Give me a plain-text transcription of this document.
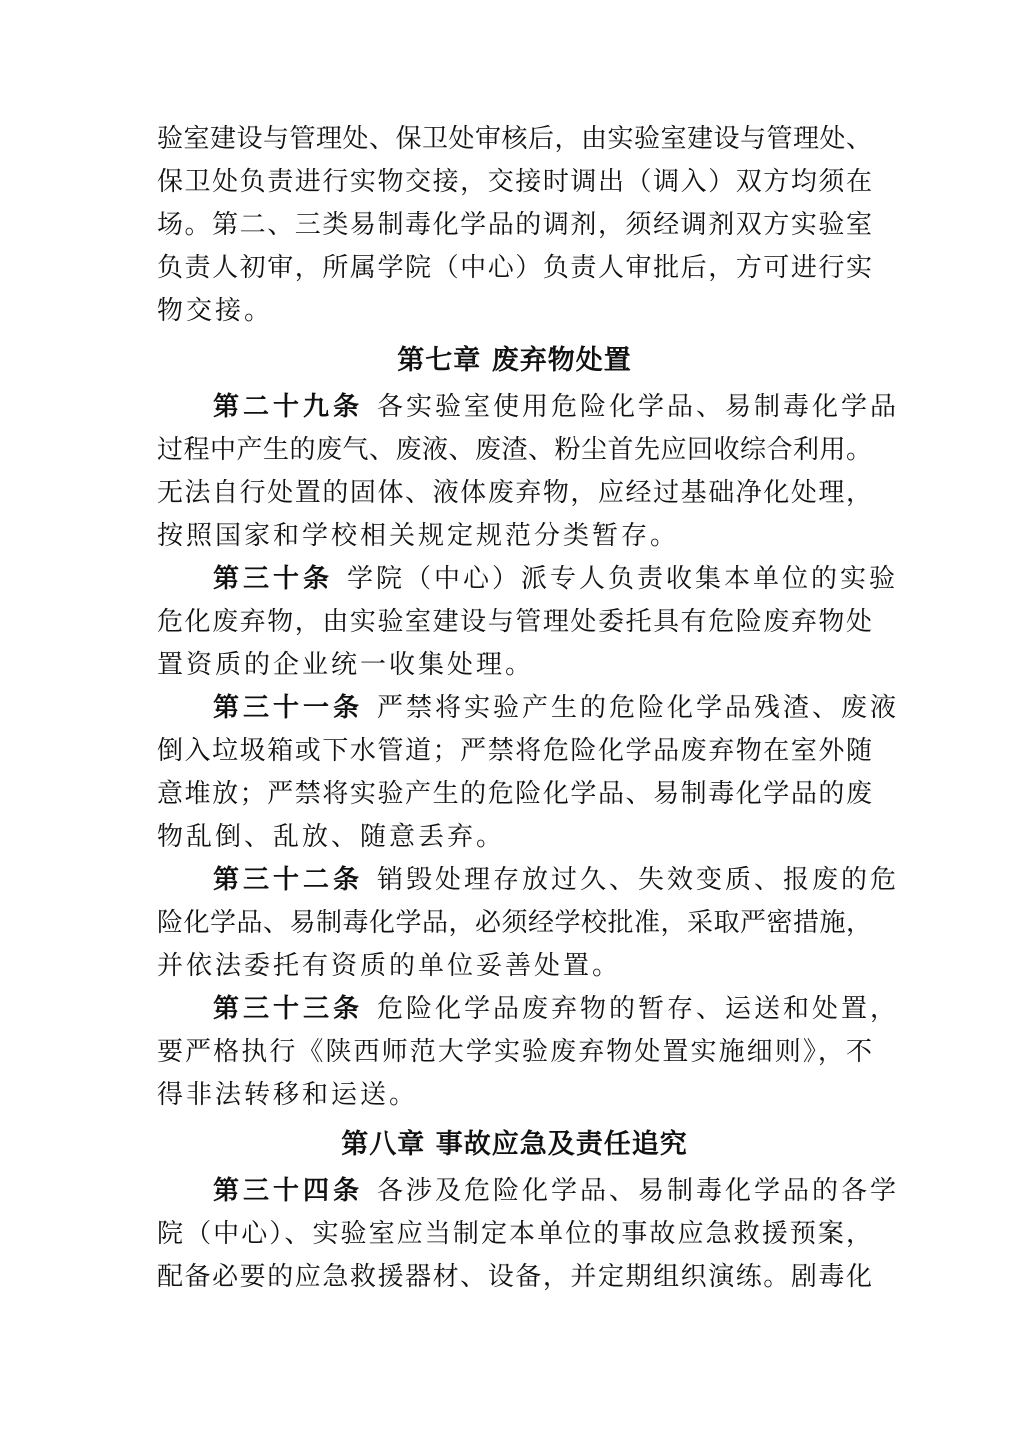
验室建设与管理处、保卫处审核后，由实验室建设与管理处、
保卫处负责进行实物交接，交接时调出（调入）双方均须在
场。第二、三类易制毒化学品的调剂，须经调剂双方实验室
负责人初审，所属学院（中心）负责人审批后，方可进行实
物交接。
第七章 废弃物处置
第二十九条 各实验室使用危险化学品、易制毒化学品
过程中产生的废气、废液、废渣、粉尘首先应回收综合利用。
无法自行处置的固体、液体废弃物，应经过基础净化处理，
按照国家和学校相关规定规范分类暂存。
第三十条 学院（中心）派专人负责收集本单位的实验
危化废弃物，由实验室建设与管理处委托具有危险废弃物处
置资质的企业统一收集处理。
第三十一条 严禁将实验产生的危险化学品残渣、废液
倒入垃圾箱或下水管道；严禁将危险化学品废弃物在室外随
意堆放；严禁将实验产生的危险化学品、易制毒化学品的废
物乱倒、乱放、随意丢弃。
第三十二条 销毁处理存放过久、失效变质、报废的危
险化学品、易制毒化学品，必须经学校批准，采取严密措施，
并依法委托有资质的单位妥善处置。
第三十三条 危险化学品废弃物的暂存、运送和处置，
要严格执行《陕西师范大学实验废弃物处置实施细则》，不
得非法转移和运送。
第八章 事故应急及责任追究
第三十四条 各涉及危险化学品、易制毒化学品的各学
院（中心）、实验室应当制定本单位的事故应急救援预案，
配备必要的应急救援器材、设备，并定期组织演练。剧毒化
